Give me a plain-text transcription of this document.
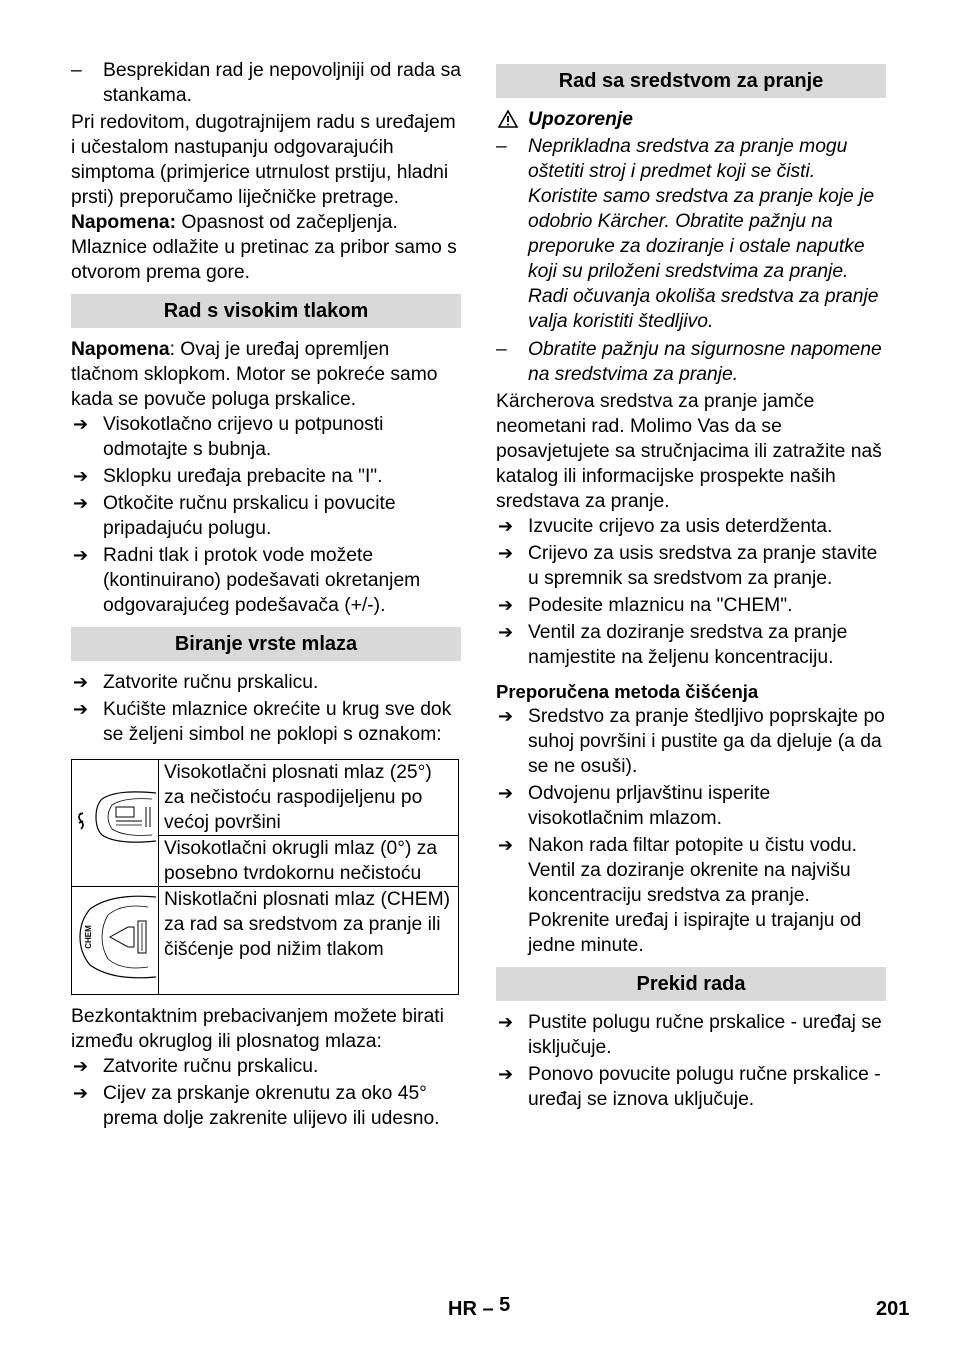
– Besprekidan rad je nepovoljniji od rada sa stankama.

Pri redovitom, dugotrajnijem radu s uređajem i učestalom nastupanju odgovarajućih simptoma (primjerice utrnulost prstiju, hladni prsti) preporučamo liječničke pretrage.

Napomena: Opasnost od začepljenja. Mlaznice odlažite u pretinac za pribor samo s otvorom prema gore.

Rad s visokim tlakom

Napomena: Ovaj je uređaj opremljen tlačnom sklopkom. Motor se pokreće samo kada se povuče poluga prskalice.

➔ Visokotlačno crijevo u potpunosti odmotajte s bubnja.

➔ Sklopku uređaja prebacite na "I".

➔ Otkočite ručnu prskalicu i povucite pripadajuću polugu.

➔ Radni tlak i protok vode možete (kontinuirano) podešavati okretanjem odgovarajućeg podešavača (+/-).

Biranje vrste mlaza

➔ Zatvorite ručnu prskalicu.

➔ Kućište mlaznice okrećite u krug sve dok se željeni simbol ne poklopi s oznakom:

	Visokotlačni plosnati mlaz (25°) za nečistoću raspodijeljenu po većoj površini
	Visokotlačni okrugli mlaz (0°) za posebno tvrdokornu nečistoću

CHEM	Niskotlačni plosnati mlaz (CHEM) za rad sa sredstvom za pranje ili čišćenje pod nižim tlakom

Bezkontaktnim prebacivanjem možete birati između okruglog ili plosnatog mlaza:

➔ Zatvorite ručnu prskalicu.

➔ Cijev za prskanje okrenutu za oko 45° prema dolje zakrenite ulijevo ili udesno.

Rad sa sredstvom za pranje

Upozorenje

– Neprikladna sredstva za pranje mogu oštetiti stroj i predmet koji se čisti. Koristite samo sredstva za pranje koje je odobrio Kärcher. Obratite pažnju na preporuke za doziranje i ostale naputke koji su priloženi sredstvima za pranje. Radi očuvanja okoliša sredstva za pranje valja koristiti štedljivo.

– Obratite pažnju na sigurnosne napomene na sredstvima za pranje.

Kärcherova sredstva za pranje jamče neometani rad. Molimo Vas da se posavjetujete sa stručnjacima ili zatražite naš katalog ili informacijske prospekte naših sredstava za pranje.

➔ Izvucite crijevo za usis deterdženta.

➔ Crijevo za usis sredstva za pranje stavite u spremnik sa sredstvom za pranje.

➔ Podesite mlaznicu na "CHEM".

➔ Ventil za doziranje sredstva za pranje namjestite na željenu koncentraciju.

Preporučena metoda čišćenja

➔ Sredstvo za pranje štedljivo poprskajte po suhoj površini i pustite ga da djeluje (a da se ne osuši).

➔ Odvojenu prljavštinu isperite visokotlačnim mlazom.

➔ Nakon rada filtar potopite u čistu vodu. Ventil za doziranje okrenite na najvišu koncentraciju sredstva za pranje. Pokrenite uređaj i ispirajte u trajanju od jedne minute.

Prekid rada

➔ Pustite polugu ručne prskalice - uređaj se isključuje.

➔ Ponovo povucite polugu ručne prskalice - uređaj se iznova uključuje.

HR – 5	201
